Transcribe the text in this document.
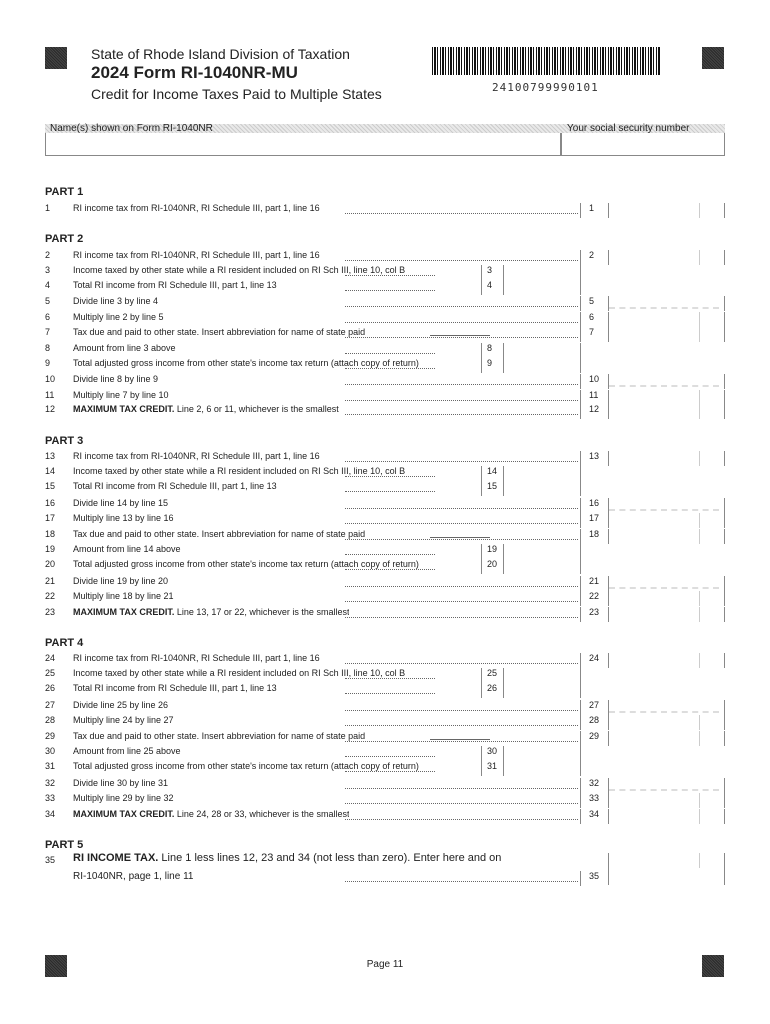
State of Rhode Island Division of Taxation
2024 Form RI-1040NR-MU
Credit for Income Taxes Paid to Multiple States	24100799990101
Name(s) shown on Form RI-1040NR	Your social security number
PART 1
PART 2
PART 3
PART 4
PART 5
1	RI income tax from RI-1040NR, RI Schedule III, part 1, line 16	1
2	RI income tax from RI-1040NR, RI Schedule III, part 1, line 16	2
3	Income taxed by other state while a RI resident included on RI Sch III, line 10, col B	3
4	Total RI income from RI Schedule III, part 1, line 13	4
5	Divide line 3 by line 4	5
6	Multiply line 2 by line 5	6
7	Tax due and paid to other state. Insert abbreviation for name of state paid	7
8	Amount from line 3 above	8
9	Total adjusted gross income from other state's income tax return (attach copy of return)	9
10	Divide line 8 by line 9	10
11	Multiply line 7 by line 10	11
12	MAXIMUM TAX CREDIT. Line 2, 6 or 11, whichever is the smallest	12
13	RI income tax from RI-1040NR, RI Schedule III, part 1, line 16	13
14	Income taxed by other state while a RI resident included on RI Sch III, line 10, col B	14
15	Total RI income from RI Schedule III, part 1, line 13	15
16	Divide line 14 by line 15	16
17	Multiply line 13 by line 16	17
18	Tax due and paid to other state. Insert abbreviation for name of state paid	18
19	Amount from line 14 above	19
20	Total adjusted gross income from other state's income tax return (attach copy of return)	20
21	Divide line 19 by line 20	21
22	Multiply line 18 by line 21	22
23	MAXIMUM TAX CREDIT. Line 13, 17 or 22, whichever is the smallest	23
24	RI income tax from RI-1040NR, RI Schedule III, part 1, line 16	24
25	Income taxed by other state while a RI resident included on RI Sch III, line 10, col B	25
26	Total RI income from RI Schedule III, part 1, line 13	26
27	Divide line 25 by line 26	27
28	Multiply line 24 by line 27	28
29	Tax due and paid to other state. Insert abbreviation for name of state paid	29
30	Amount from line 25 above	30
31	Total adjusted gross income from other state's income tax return (attach copy of return)	31
32	Divide line 30 by line 31	32
33	Multiply line 29 by line 32	33
34	MAXIMUM TAX CREDIT. Line 24, 28 or 33, whichever is the smallest	34
35	RI INCOME TAX. Line 1 less lines 12, 23 and 34 (not less than zero). Enter here and on
RI-1040NR, page 1, line 11	35
Page 11
